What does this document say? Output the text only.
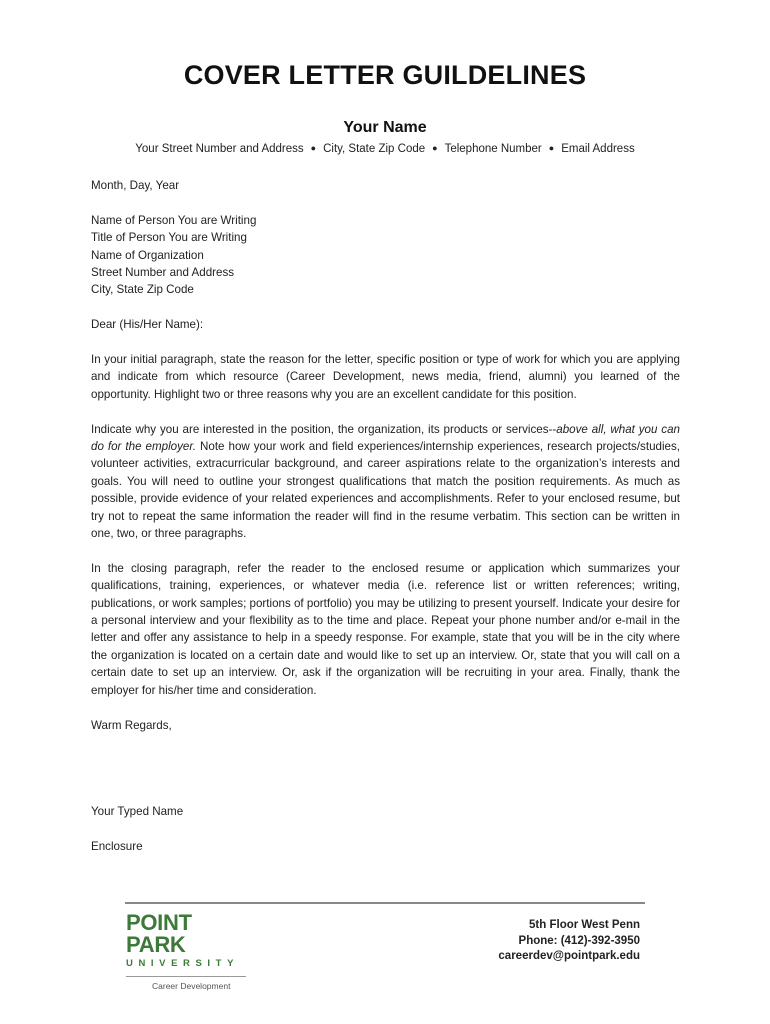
COVER LETTER GUILDELINES
Your Name
Your Street Number and Address ● City, State Zip Code ● Telephone Number ● Email Address

Month, Day, Year

Name of Person You are Writing
Title of Person You are Writing
Name of Organization
Street Number and Address
City, State Zip Code

Dear (His/Her Name):

In your initial paragraph, state the reason for the letter, specific position or type of work for which you are applying and indicate from which resource (Career Development, news media, friend, alumni) you learned of the opportunity. Highlight two or three reasons why you are an excellent candidate for this position.

Indicate why you are interested in the position, the organization, its products or services--above all, what you can do for the employer. Note how your work and field experiences/internship experiences, research projects/studies, volunteer activities, extracurricular background, and career aspirations relate to the organization’s interests and goals. You will need to outline your strongest qualifications that match the position requirements. As much as possible, provide evidence of your related experiences and accomplishments. Refer to your enclosed resume, but try not to repeat the same information the reader will find in the resume verbatim. This section can be written in one, two, or three paragraphs.

In the closing paragraph, refer the reader to the enclosed resume or application which summarizes your qualifications, training, experiences, or whatever media (i.e. reference list or written references; writing, publications, or work samples; portions of portfolio) you may be utilizing to present yourself. Indicate your desire for a personal interview and your flexibility as to the time and place. Repeat your phone number and/or e-mail in the letter and offer any assistance to help in a speedy response. For example, state that you will be in the city where the organization is located on a certain date and would like to set up an interview. Or, state that you will call on a certain date to set up an interview. Or, ask if the organization will be recruiting in your area. Finally, thank the employer for his/her time and consideration.

Warm Regards,

Your Typed Name

Enclosure

POINT PARK
UNIVERSITY
Career Development
5th Floor West Penn
Phone: (412)-392-3950
careerdev@pointpark.edu
